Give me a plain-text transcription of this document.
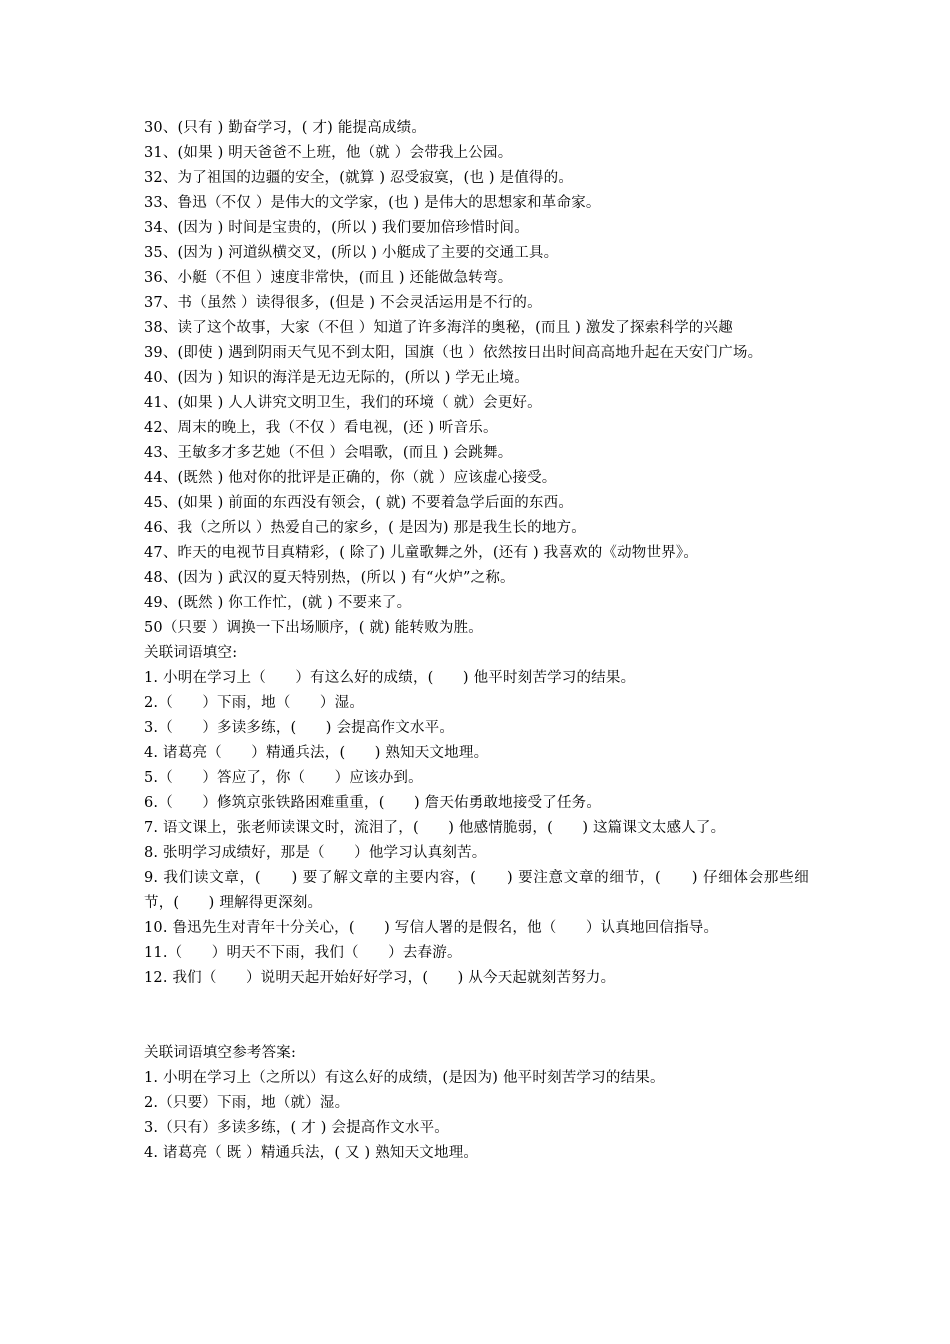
30、(只有 ) 勤奋学习，( 才) 能提高成绩。
31、(如果 ) 明天爸爸不上班，他（就 ）会带我上公园。
32、为了祖国的边疆的安全，(就算 ) 忍受寂寞，(也 ) 是值得的。
33、鲁迅（不仅 ）是伟大的文学家，(也 ) 是伟大的思想家和革命家。
34、(因为 ) 时间是宝贵的，(所以 ) 我们要加倍珍惜时间。
35、(因为 ) 河道纵横交叉，(所以 ) 小艇成了主要的交通工具。
36、小艇（不但 ）速度非常快，(而且 ) 还能做急转弯。
37、书（虽然 ）读得很多，(但是 ) 不会灵活运用是不行的。
38、读了这个故事，大家（不但 ）知道了许多海洋的奥秘，(而且 ) 激发了探索科学的兴趣
39、(即使 ) 遇到阴雨天气见不到太阳，国旗（也 ）依然按日出时间高高地升起在天安门广场。
40、(因为 ) 知识的海洋是无边无际的，(所以 ) 学无止境。
41、(如果 ) 人人讲究文明卫生，我们的环境（ 就）会更好。
42、周末的晚上，我（不仅 ）看电视，(还 ) 听音乐。
43、王敏多才多艺她（不但 ）会唱歌，(而且 ) 会跳舞。
44、(既然 ) 他对你的批评是正确的，你（就 ）应该虚心接受。
45、(如果 ) 前面的东西没有领会，( 就) 不要着急学后面的东西。
46、我（之所以 ）热爱自己的家乡，( 是因为) 那是我生长的地方。
47、昨天的电视节目真精彩，( 除了) 儿童歌舞之外，(还有 ) 我喜欢的《动物世界》。
48、(因为 ) 武汉的夏天特别热，(所以 ) 有“火炉”之称。
49、(既然 ) 你工作忙，(就 ) 不要来了。
50（只要 ）调换一下出场顺序，( 就) 能转败为胜。
关联词语填空:
1. 小明在学习上（　　）有这么好的成绩，(　　) 他平时刻苦学习的结果。
2.（　　）下雨，地（　　）湿。
3.（　　）多读多练，(　　) 会提高作文水平。
4. 诸葛亮（　　）精通兵法，(　　) 熟知天文地理。
5.（　　）答应了，你（　　）应该办到。
6.（　　）修筑京张铁路困难重重，(　　) 詹天佑勇敢地接受了任务。
7. 语文课上，张老师读课文时，流泪了，(　　) 他感情脆弱，(　　) 这篇课文太感人了。
8. 张明学习成绩好，那是（　　）他学习认真刻苦。
9. 我们读文章，(　　) 要了解文章的主要内容，(　　) 要注意文章的细节，(　　) 仔细体会那些细节，(　　) 理解得更深刻。
10. 鲁迅先生对青年十分关心，(　　) 写信人署的是假名，他（　　）认真地回信指导。
11.（　　）明天不下雨，我们（　　）去春游。
12. 我们（　　）说明天起开始好好学习，(　　) 从今天起就刻苦努力。
关联词语填空参考答案:
1. 小明在学习上（之所以）有这么好的成绩，(是因为) 他平时刻苦学习的结果。
2.（只要）下雨，地（就）湿。
3.（只有）多读多练，( 才 ) 会提高作文水平。
4. 诸葛亮（ 既 ）精通兵法，( 又 ) 熟知天文地理。
